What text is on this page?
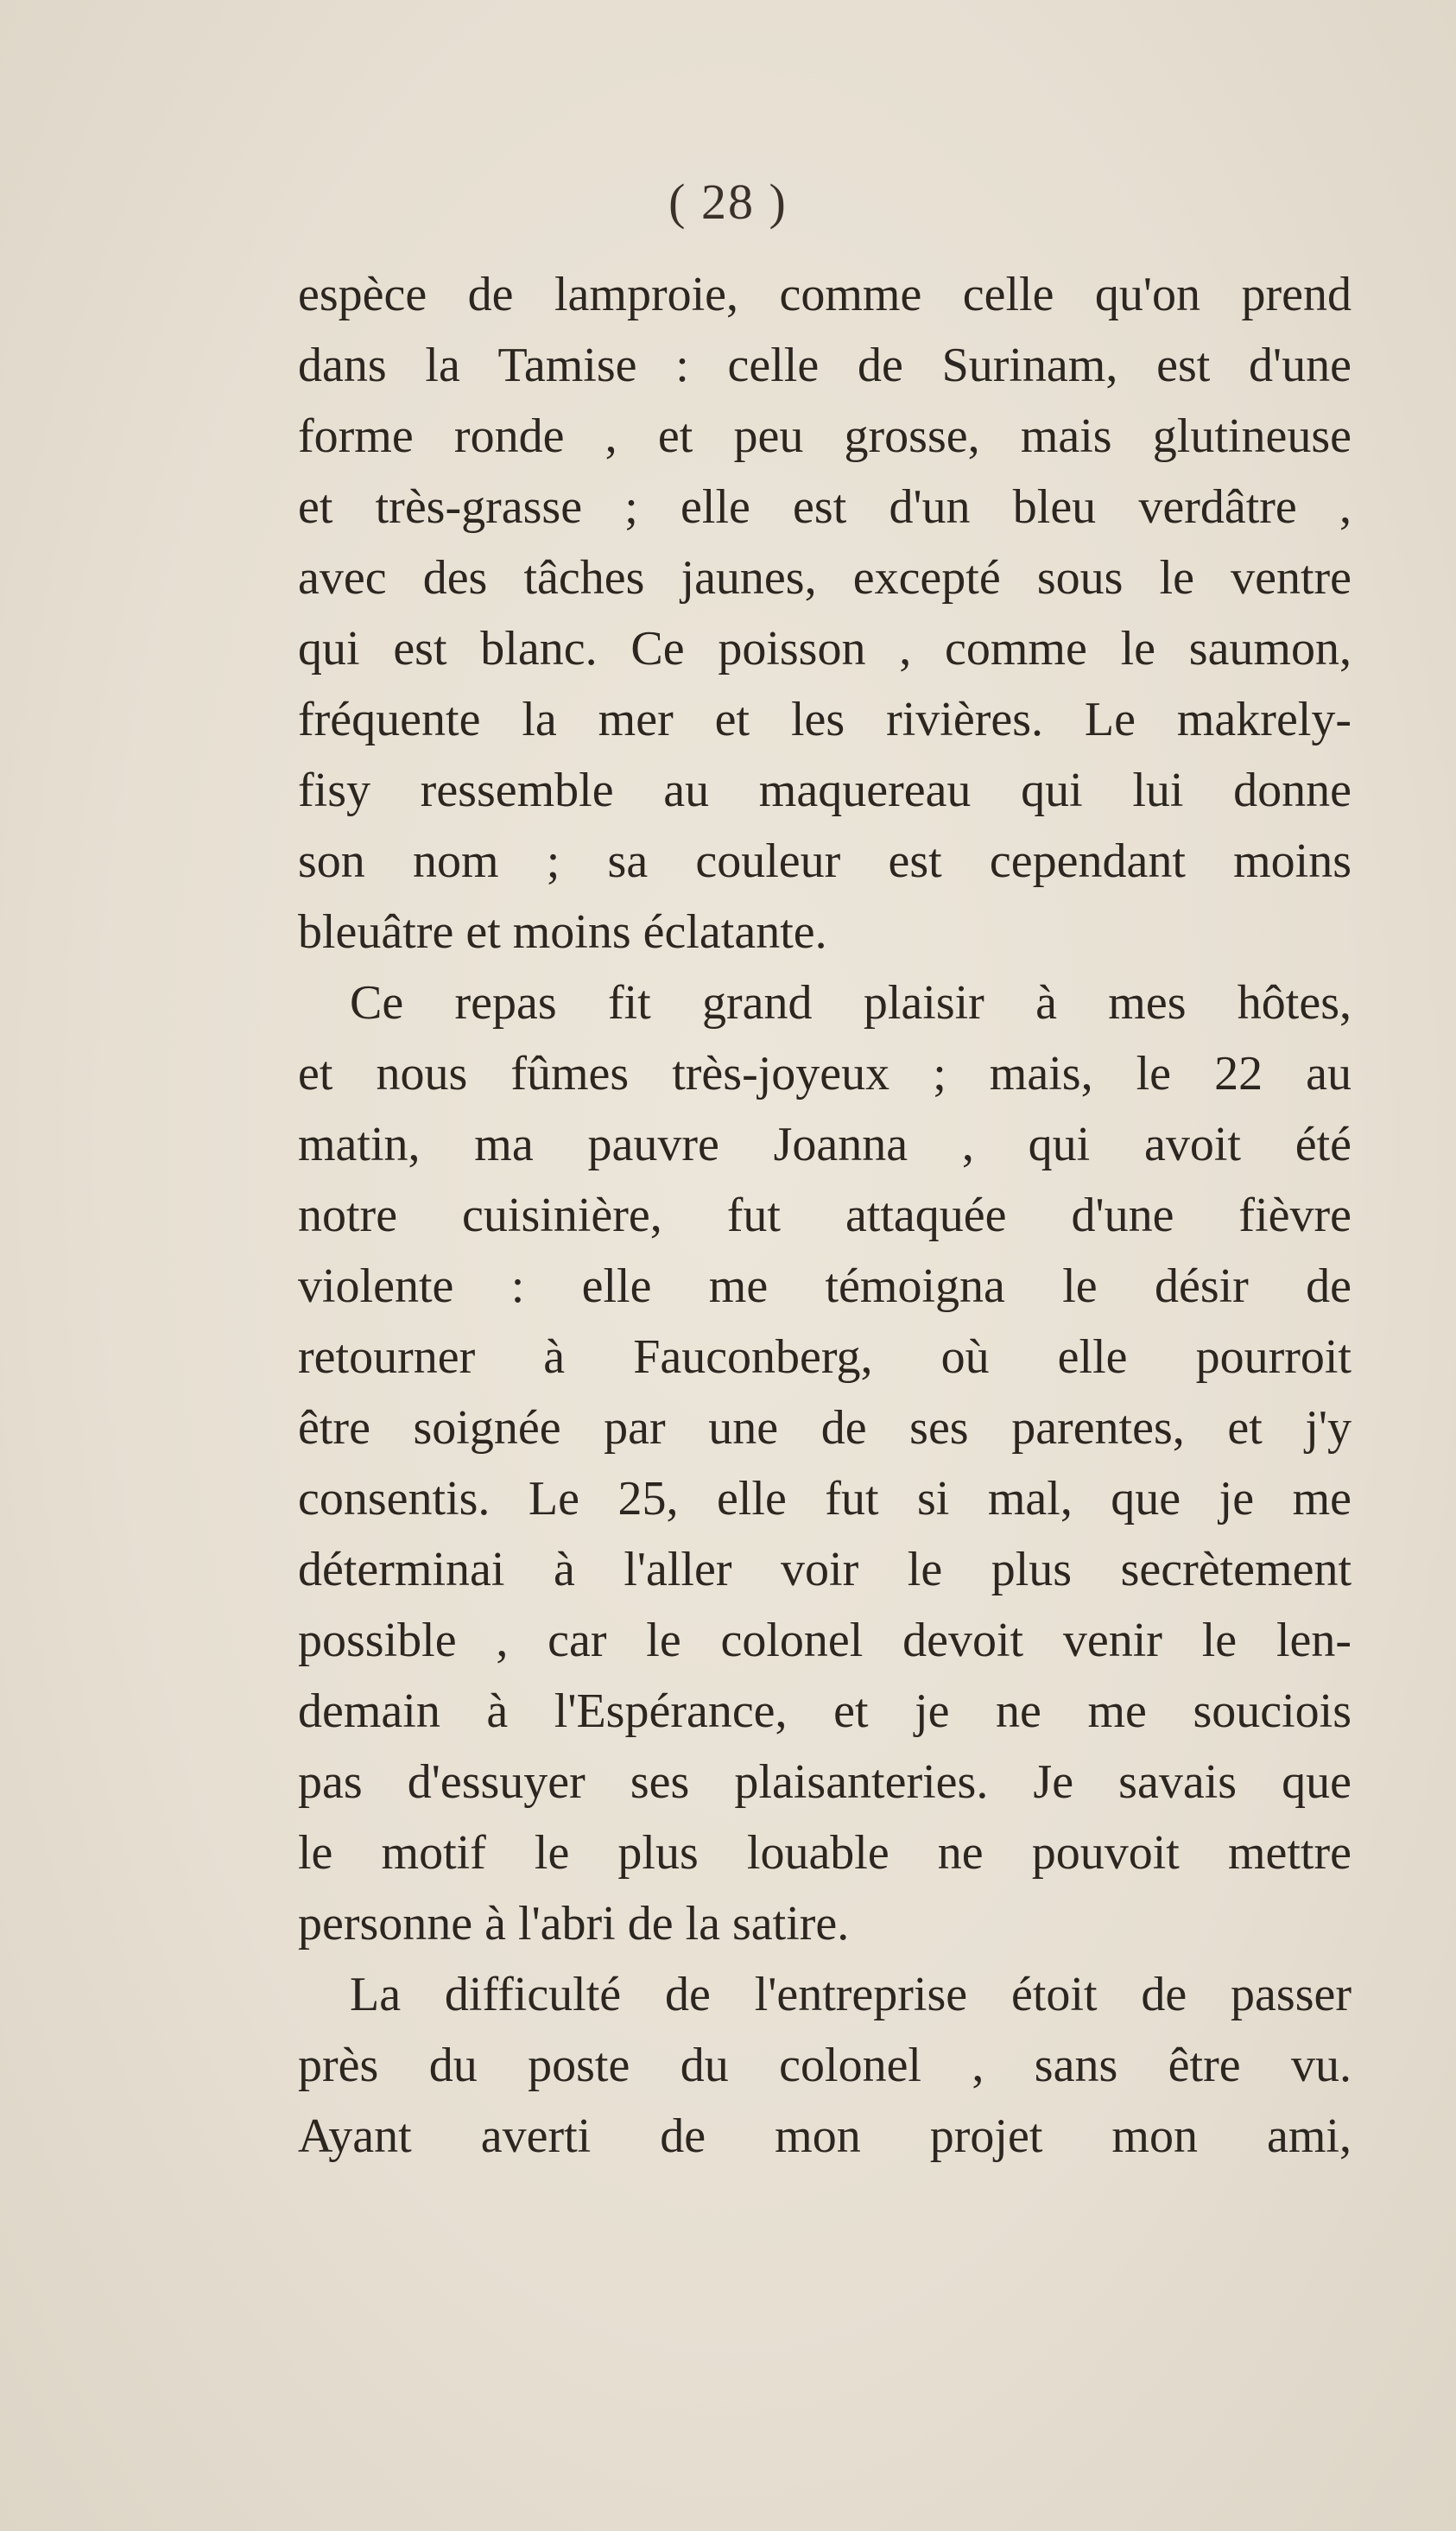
( 28 )
espèce de lamproie, comme celle qu'on prend
dans la Tamise : celle de Surinam, est d'une
forme ronde , et peu grosse, mais glutineuse
et très-grasse ; elle est d'un bleu verdâtre ,
avec des tâches jaunes, excepté sous le ventre
qui est blanc. Ce poisson , comme le saumon,
fréquente la mer et les rivières. Le makrely-
fisy ressemble au maquereau qui lui donne
son nom ; sa couleur est cependant moins
bleuâtre et moins éclatante.
Ce repas fit grand plaisir à mes hôtes,
et nous fûmes très-joyeux ; mais, le 22 au
matin, ma pauvre Joanna , qui avoit été
notre cuisinière, fut attaquée d'une fièvre
violente : elle me témoigna le désir de
retourner à Fauconberg, où elle pourroit
être soignée par une de ses parentes, et j'y
consentis. Le 25, elle fut si mal, que je me
déterminai à l'aller voir le plus secrètement
possible , car le colonel devoit venir le len-
demain à l'Espérance, et je ne me souciois
pas d'essuyer ses plaisanteries. Je savais que
le motif le plus louable ne pouvoit mettre
personne à l'abri de la satire.
La difficulté de l'entreprise étoit de passer
près du poste du colonel , sans être vu.
Ayant averti de mon projet mon ami,
